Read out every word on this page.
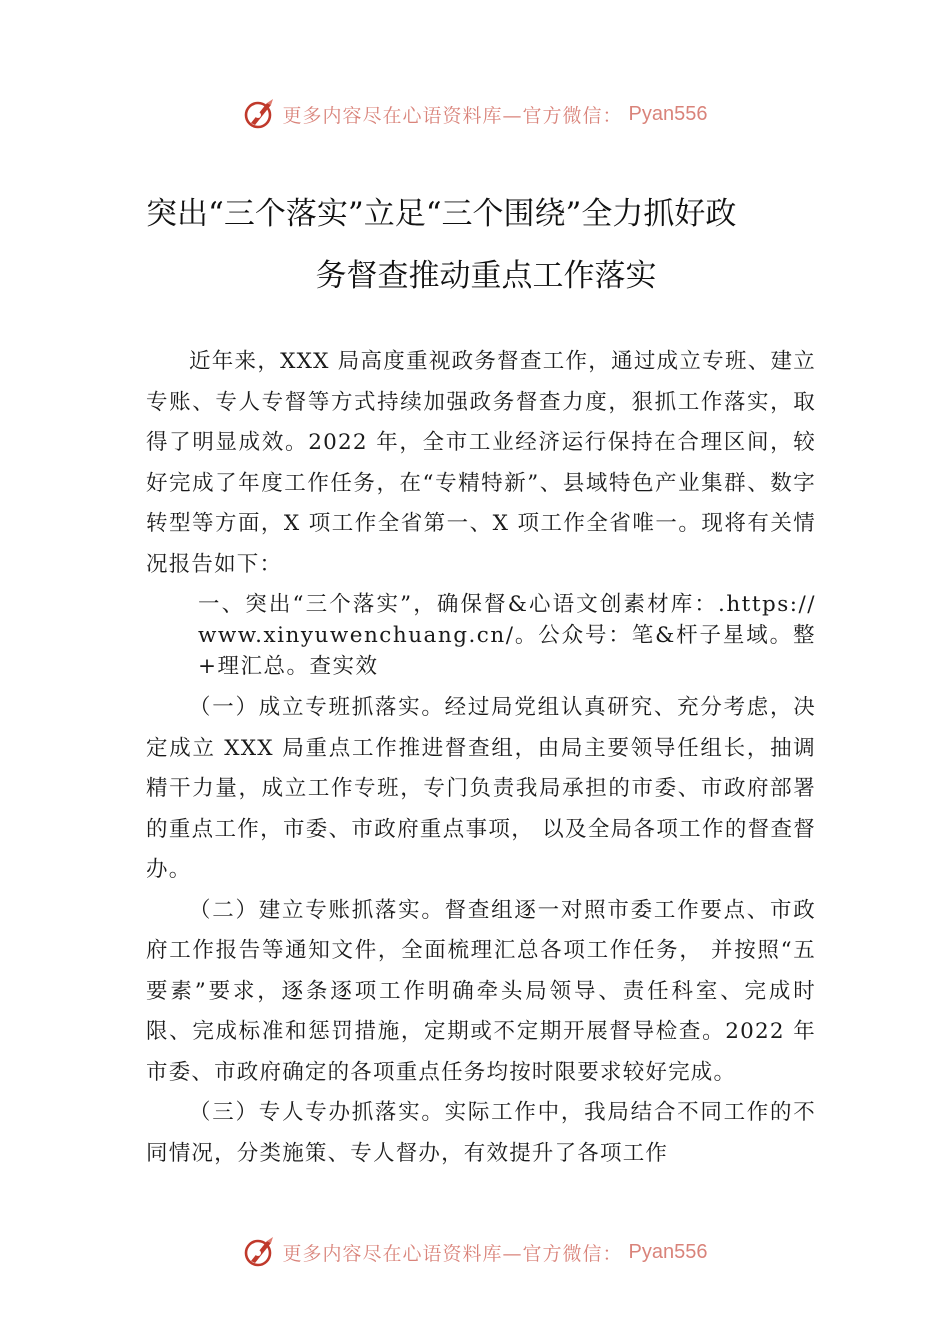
更多内容尽在心语资料库—官方微信： Pyan556
突出“三个落实”立足“三个围绕”全力抓好政
务督查推动重点工作落实

近年来，XXX 局高度重视政务督查工作，通过成立专班、建立专账、专人专督等方式持续加强政务督查力度，狠抓工作落实，取得了明显成效。2022 年，全市工业经济运行保持在合理区间，较好完成了年度工作任务，在“专精特新”、县域特色产业集群、数字转型等方面，X 项工作全省第一、X 项工作全省唯一。现将有关情况报告如下：

一、突出“三个落实”，确保督&心语文创素材库：.https://www.xinyuwenchuang.cn/。公众号：笔&杆子星域。整+理汇总。查实效

（一）成立专班抓落实。经过局党组认真研究、充分考虑，决定成立 XXX 局重点工作推进督查组，由局主要领导任组长，抽调精干力量，成立工作专班，专门负责我局承担的市委、市政府部署的重点工作，市委、市政府重点事项， 以及全局各项工作的督查督办。

（二）建立专账抓落实。督查组逐一对照市委工作要点、市政府工作报告等通知文件，全面梳理汇总各项工作任务， 并按照“五要素”要求，逐条逐项工作明确牵头局领导、责任科室、完成时限、完成标准和惩罚措施，定期或不定期开展督导检查。2022 年市委、市政府确定的各项重点任务均按时限要求较好完成。

（三）专人专办抓落实。实际工作中，我局结合不同工作的不同情况，分类施策、专人督办，有效提升了各项工作

更多内容尽在心语资料库—官方微信： Pyan556
